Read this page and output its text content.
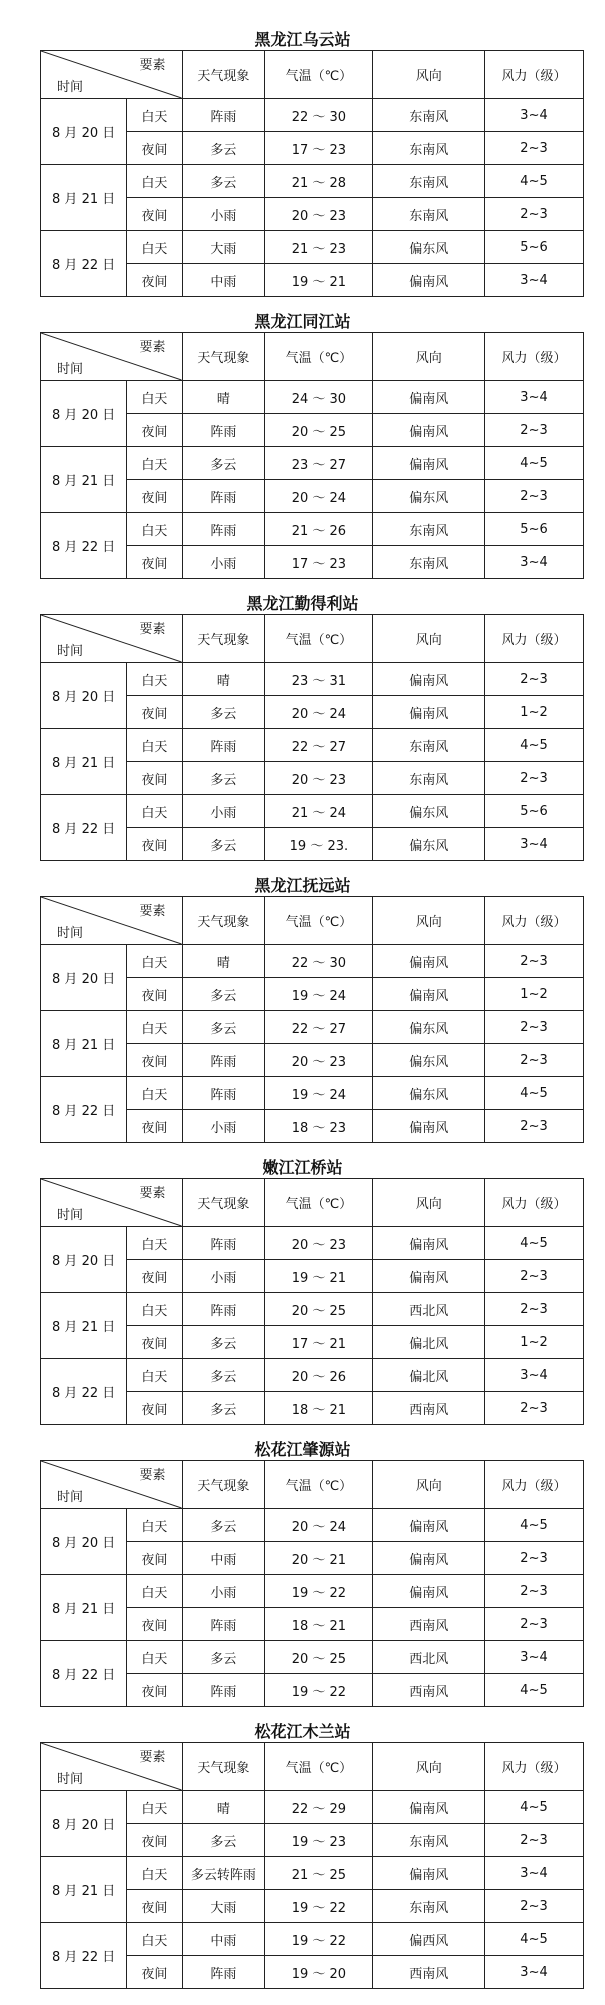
黑龙江乌云站
要素
时间		天气现象	气温（℃）	风向	风力（级）
8 月 20 日	白天	阵雨	22 ～ 30	东南风	3~4
	夜间	多云	17 ～ 23	东南风	2~3
8 月 21 日	白天	多云	21 ～ 28	东南风	4~5
	夜间	小雨	20 ～ 23	东南风	2~3
8 月 22 日	白天	大雨	21 ～ 23	偏东风	5~6
	夜间	中雨	19 ～ 21	偏南风	3~4
黑龙江同江站
要素
时间		天气现象	气温（℃）	风向	风力（级）
8 月 20 日	白天	晴	24 ～ 30	偏南风	3~4
	夜间	阵雨	20 ～ 25	偏南风	2~3
8 月 21 日	白天	多云	23 ～ 27	偏南风	4~5
	夜间	阵雨	20 ～ 24	偏东风	2~3
8 月 22 日	白天	阵雨	21 ～ 26	东南风	5~6
	夜间	小雨	17 ～ 23	东南风	3~4
黑龙江勤得利站
要素
时间		天气现象	气温（℃）	风向	风力（级）
8 月 20 日	白天	晴	23 ～ 31	偏南风	2~3
	夜间	多云	20 ～ 24	偏南风	1~2
8 月 21 日	白天	阵雨	22 ～ 27	东南风	4~5
	夜间	多云	20 ～ 23	东南风	2~3
8 月 22 日	白天	小雨	21 ～ 24	偏东风	5~6
	夜间	多云	19 ～ 23.	偏东风	3~4
黑龙江抚远站
要素
时间		天气现象	气温（℃）	风向	风力（级）
8 月 20 日	白天	晴	22 ～ 30	偏南风	2~3
	夜间	多云	19 ～ 24	偏南风	1~2
8 月 21 日	白天	多云	22 ～ 27	偏东风	2~3
	夜间	阵雨	20 ～ 23	偏东风	2~3
8 月 22 日	白天	阵雨	19 ～ 24	偏东风	4~5
	夜间	小雨	18 ～ 23	偏南风	2~3
嫩江江桥站
要素
时间		天气现象	气温（℃）	风向	风力（级）
8 月 20 日	白天	阵雨	20 ～ 23	偏南风	4~5
	夜间	小雨	19 ～ 21	偏南风	2~3
8 月 21 日	白天	阵雨	20 ～ 25	西北风	2~3
	夜间	多云	17 ～ 21	偏北风	1~2
8 月 22 日	白天	多云	20 ～ 26	偏北风	3~4
	夜间	多云	18 ～ 21	西南风	2~3
松花江肇源站
要素
时间		天气现象	气温（℃）	风向	风力（级）
8 月 20 日	白天	多云	20 ～ 24	偏南风	4~5
	夜间	中雨	20 ～ 21	偏南风	2~3
8 月 21 日	白天	小雨	19 ～ 22	偏南风	2~3
	夜间	阵雨	18 ～ 21	西南风	2~3
8 月 22 日	白天	多云	20 ～ 25	西北风	3~4
	夜间	阵雨	19 ～ 22	西南风	4~5
松花江木兰站
要素
时间		天气现象	气温（℃）	风向	风力（级）
8 月 20 日	白天	晴	22 ～ 29	偏南风	4~5
	夜间	多云	19 ～ 23	东南风	2~3
8 月 21 日	白天	多云转阵雨	21 ～ 25	偏南风	3~4
	夜间	大雨	19 ～ 22	东南风	2~3
8 月 22 日	白天	中雨	19 ～ 22	偏西风	4~5
	夜间	阵雨	19 ～ 20	西南风	3~4
